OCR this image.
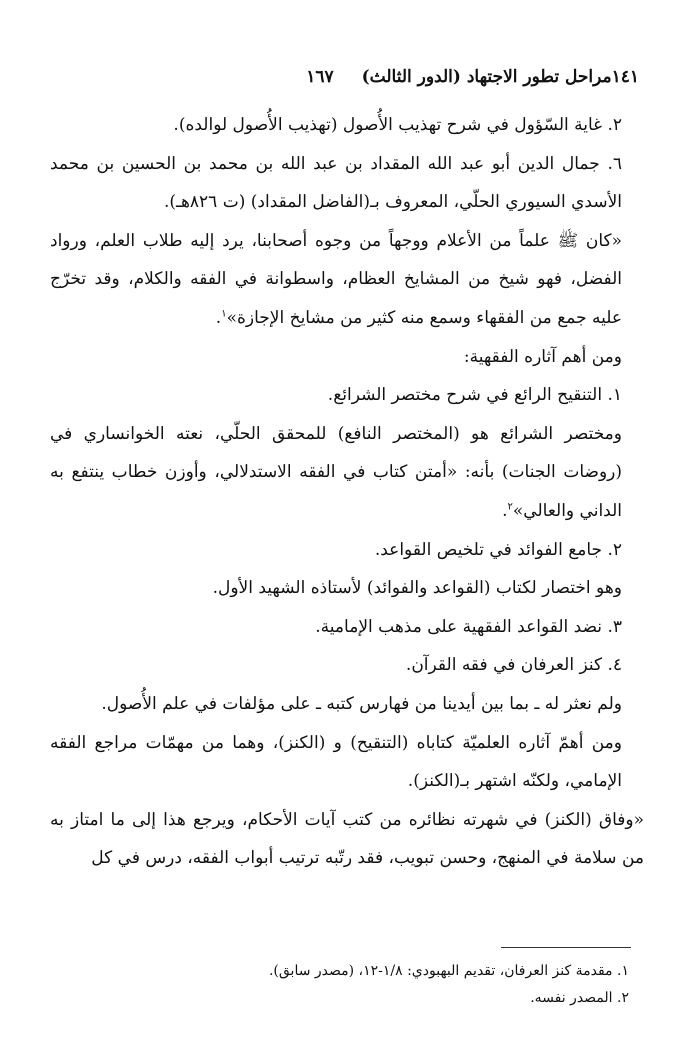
١٤١مراحل تطور الاجتهاد (الدور الثالث)
١٦٧

٢. غاية السّؤول في شرح تهذيب الأُصول (تهذيب الأُصول لوالده).

٦. جمال الدين أبو عبد الله المقداد بن عبد الله بن محمد بن الحسين بن محمد الأسدي السيوري الحلّي، المعروف بـ(الفاضل المقداد) (ت ٨٢٦هـ).

«كان ﷺ علماً من الأعلام ووجهاً من وجوه أصحابنا، يرد إليه طلاب العلم، ورواد الفضل، فهو شيخ من المشايخ العظام، واسطوانة في الفقه والكلام، وقد تخرّج عليه جمع من الفقهاء وسمع منه كثير من مشايخ الإجازة»$^١$.

ومن أهم آثاره الفقهية:

١. التنقيح الرائع في شرح مختصر الشرائع.

ومختصر الشرائع هو (المختصر النافع) للمحقق الحلّي، نعته الخوانساري في (روضات الجنات) بأنه: «أمتن كتاب في الفقه الاستدلالي، وأوزن خطاب ينتفع به الداني والعالي»$^٢$.

٢. جامع الفوائد في تلخيص القواعد.

وهو اختصار لكتاب (القواعد والفوائد) لأستاذه الشهيد الأول.

٣. نضد القواعد الفقهية على مذهب الإمامية.

٤. كنز العرفان في فقه القرآن.

ولم نعثر له ـ بما بين أيدينا من فهارس كتبه ـ على مؤلفات في علم الأُصول.

ومن أهمّ آثاره العلميّة كتاباه (التنقيح) و (الكنز)، وهما من مهمّات مراجع الفقه الإمامي، ولكنّه اشتهر بـ(الكنز).

«وفاق (الكنز) في شهرته نظائره من كتب آيات الأحكام، ويرجع هذا إلى ما امتاز به من سلامة في المنهج، وحسن تبويب، فقد رتّبه ترتيب أبواب الفقه، درس في كل

١. مقدمة كنز العرفان، تقديم البهبودي: ١/٨-١٢، (مصدر سابق).

٢. المصدر نفسه.
